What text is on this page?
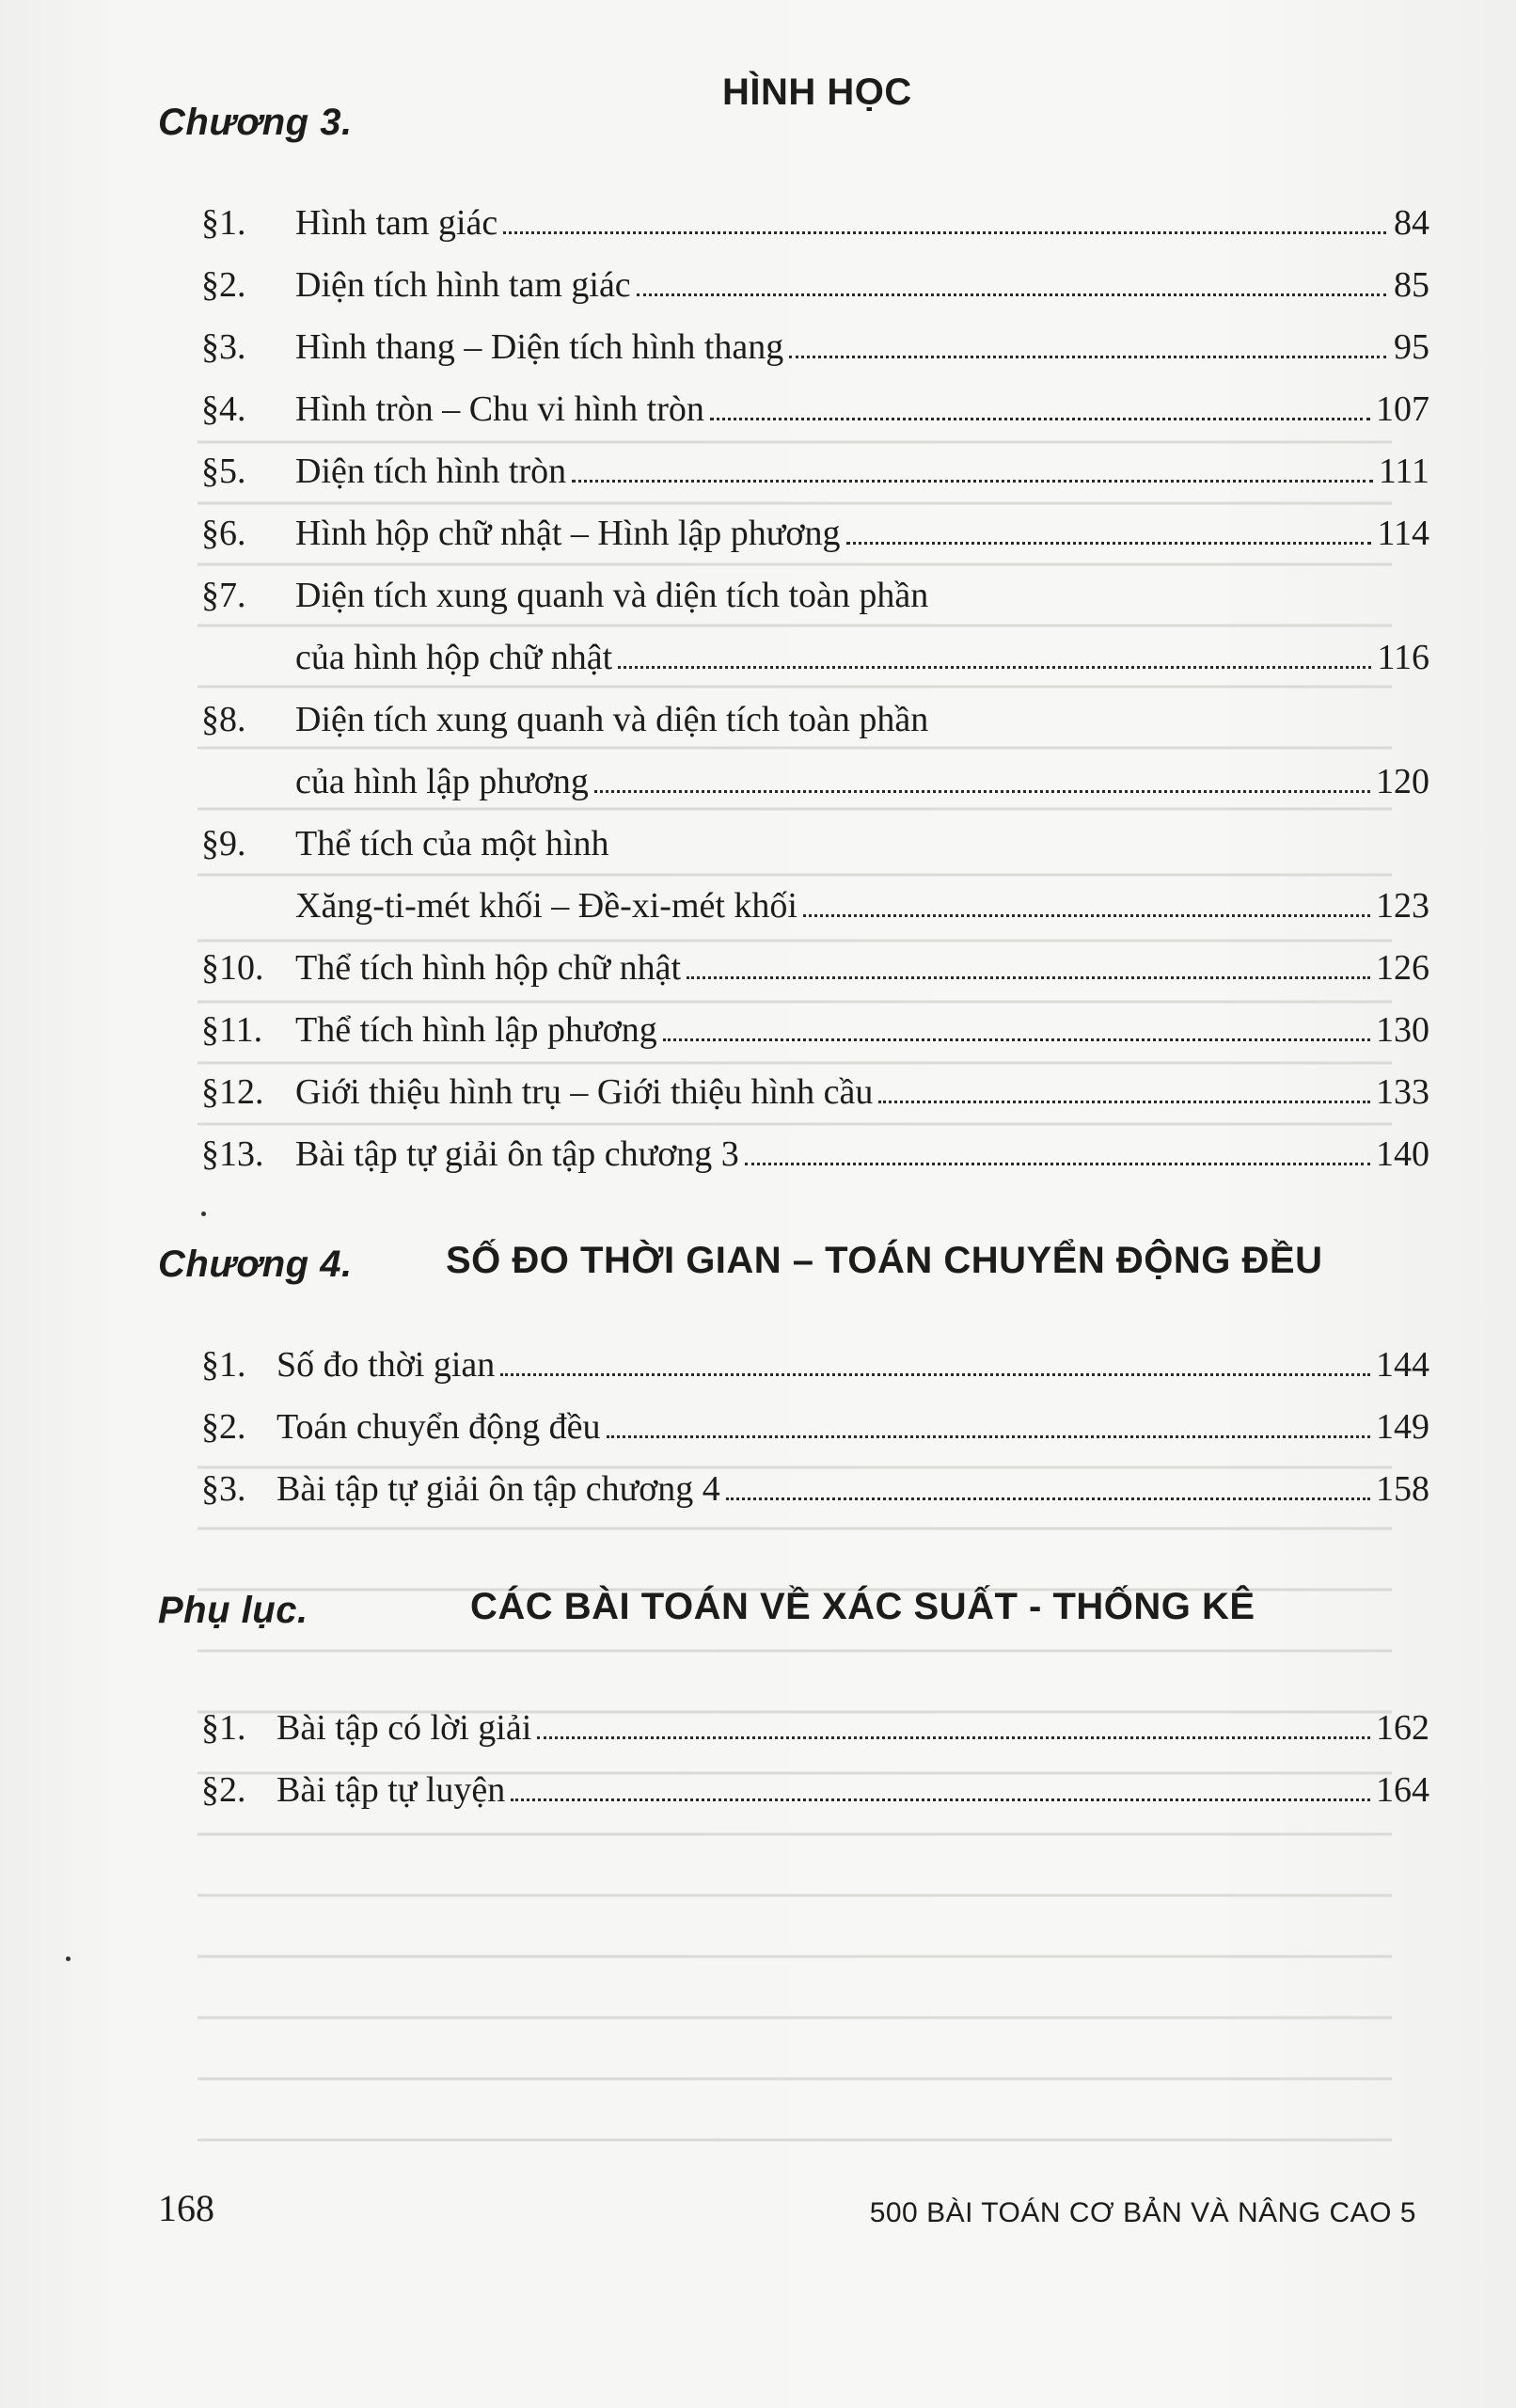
Chương 3.
HÌNH HỌC
§1. Hình tam giác	84
§2. Diện tích hình tam giác	85
§3. Hình thang – Diện tích hình thang	95
§4. Hình tròn – Chu vi hình tròn	107
§5. Diện tích hình tròn	111
§6. Hình hộp chữ nhật – Hình lập phương	114
§7. Diện tích xung quanh và diện tích toàn phần
của hình hộp chữ nhật	116
§8. Diện tích xung quanh và diện tích toàn phần
của hình lập phương	120
§9. Thể tích của một hình
Xăng-ti-mét khối – Đề-xi-mét khối	123
§10. Thể tích hình hộp chữ nhật	126
§11. Thể tích hình lập phương	130
§12. Giới thiệu hình trụ – Giới thiệu hình cầu	133
§13. Bài tập tự giải ôn tập chương 3	140
Chương 4. SỐ ĐO THỜI GIAN – TOÁN CHUYỂN ĐỘNG ĐỀU
§1. Số đo thời gian	144
§2. Toán chuyển động đều	149
§3. Bài tập tự giải ôn tập chương 4	158
Phụ lục.	CÁC BÀI TOÁN VỀ XÁC SUẤT - THỐNG KÊ
§1. Bài tập có lời giải	162
§2. Bài tập tự luyện	164
168	500 BÀI TOÁN CƠ BẢN VÀ NÂNG CAO 5
